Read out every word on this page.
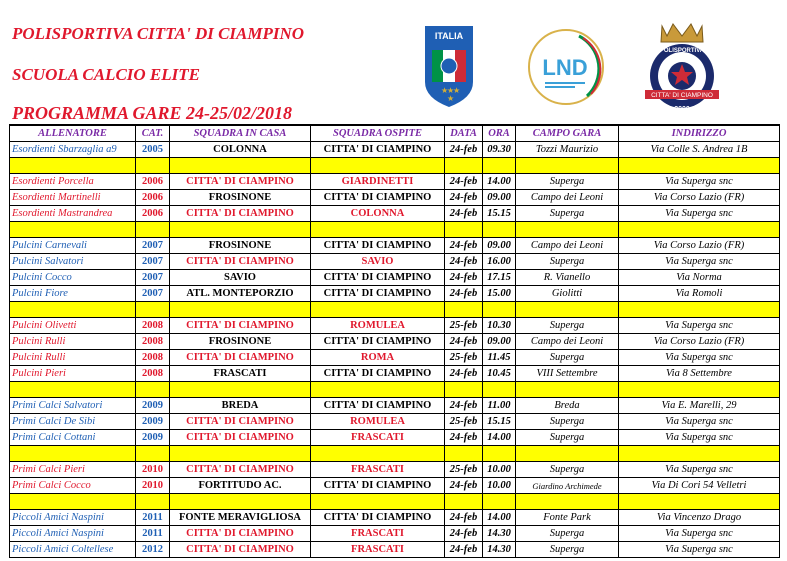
POLISPORTIVA CITTA' DI CIAMPINO
SCUOLA CALCIO ELITE
PROGRAMMA GARE 24-25/02/2018
ITALIA
★
★
★
★
LND
POLISPORTIVA
CITTA' DI CIAMPINO
2000
ALLENATORE	CAT.	SQUADRA IN CASA	SQUADRA OSPITE	DATA	ORA	CAMPO GARA	INDIRIZZO
Esordienti Sbarzaglia a9	2005	COLONNA	CITTA' DI CIAMPINO	24-feb	09.30	Tozzi Maurizio	Via Colle S. Andrea 1B

Esordienti Porcella	2006	CITTA' DI CIAMPINO	GIARDINETTI	24-feb	14.00	Superga	Via Superga snc
Esordienti Martinelli	2006	FROSINONE	CITTA' DI CIAMPINO	24-feb	09.00	Campo dei Leoni	Via Corso Lazio (FR)
Esordienti Mastrandrea	2006	CITTA' DI CIAMPINO	COLONNA	24-feb	15.15	Superga	Via Superga snc

Pulcini Carnevali	2007	FROSINONE	CITTA' DI CIAMPINO	24-feb	09.00	Campo dei Leoni	Via Corso Lazio (FR)
Pulcini Salvatori	2007	CITTA' DI CIAMPINO	SAVIO	24-feb	16.00	Superga	Via Superga snc
Pulcini Cocco	2007	SAVIO	CITTA' DI CIAMPINO	24-feb	17.15	R. Vianello	Via Norma
Pulcini Fiore	2007	ATL. MONTEPORZIO	CITTA' DI CIAMPINO	24-feb	15.00	Giolitti	Via Romoli

Pulcini Olivetti	2008	CITTA' DI CIAMPINO	ROMULEA	25-feb	10.30	Superga	Via Superga snc
Pulcini Rulli	2008	FROSINONE	CITTA' DI CIAMPINO	24-feb	09.00	Campo dei Leoni	Via Corso Lazio (FR)
Pulcini Rulli	2008	CITTA' DI CIAMPINO	ROMA	25-feb	11.45	Superga	Via Superga snc
Pulcini Pieri	2008	FRASCATI	CITTA' DI CIAMPINO	24-feb	10.45	VIII Settembre	Via 8 Settembre

Primi Calci Salvatori	2009	BREDA	CITTA' DI CIAMPINO	24-feb	11.00	Breda	Via E. Marelli, 29
Primi Calci De Sibi	2009	CITTA' DI CIAMPINO	ROMULEA	25-feb	15.15	Superga	Via Superga snc
Primi Calci Cottani	2009	CITTA' DI CIAMPINO	FRASCATI	24-feb	14.00	Superga	Via Superga snc

Primi Calci Pieri	2010	CITTA' DI CIAMPINO	FRASCATI	25-feb	10.00	Superga	Via Superga snc
Primi Calci Cocco	2010	FORTITUDO AC.	CITTA' DI CIAMPINO	24-feb	10.00	Giardino Archimede	Via Di Cori 54 Velletri

Piccoli Amici Naspini	2011	FONTE MERAVIGLIOSA	CITTA' DI CIAMPINO	24-feb	14.00	Fonte Park	Via Vincenzo Drago
Piccoli Amici Naspini	2011	CITTA' DI CIAMPINO	FRASCATI	24-feb	14.30	Superga	Via Superga snc
Piccoli Amici Coltellese	2012	CITTA' DI CIAMPINO	FRASCATI	24-feb	14.30	Superga	Via Superga snc
